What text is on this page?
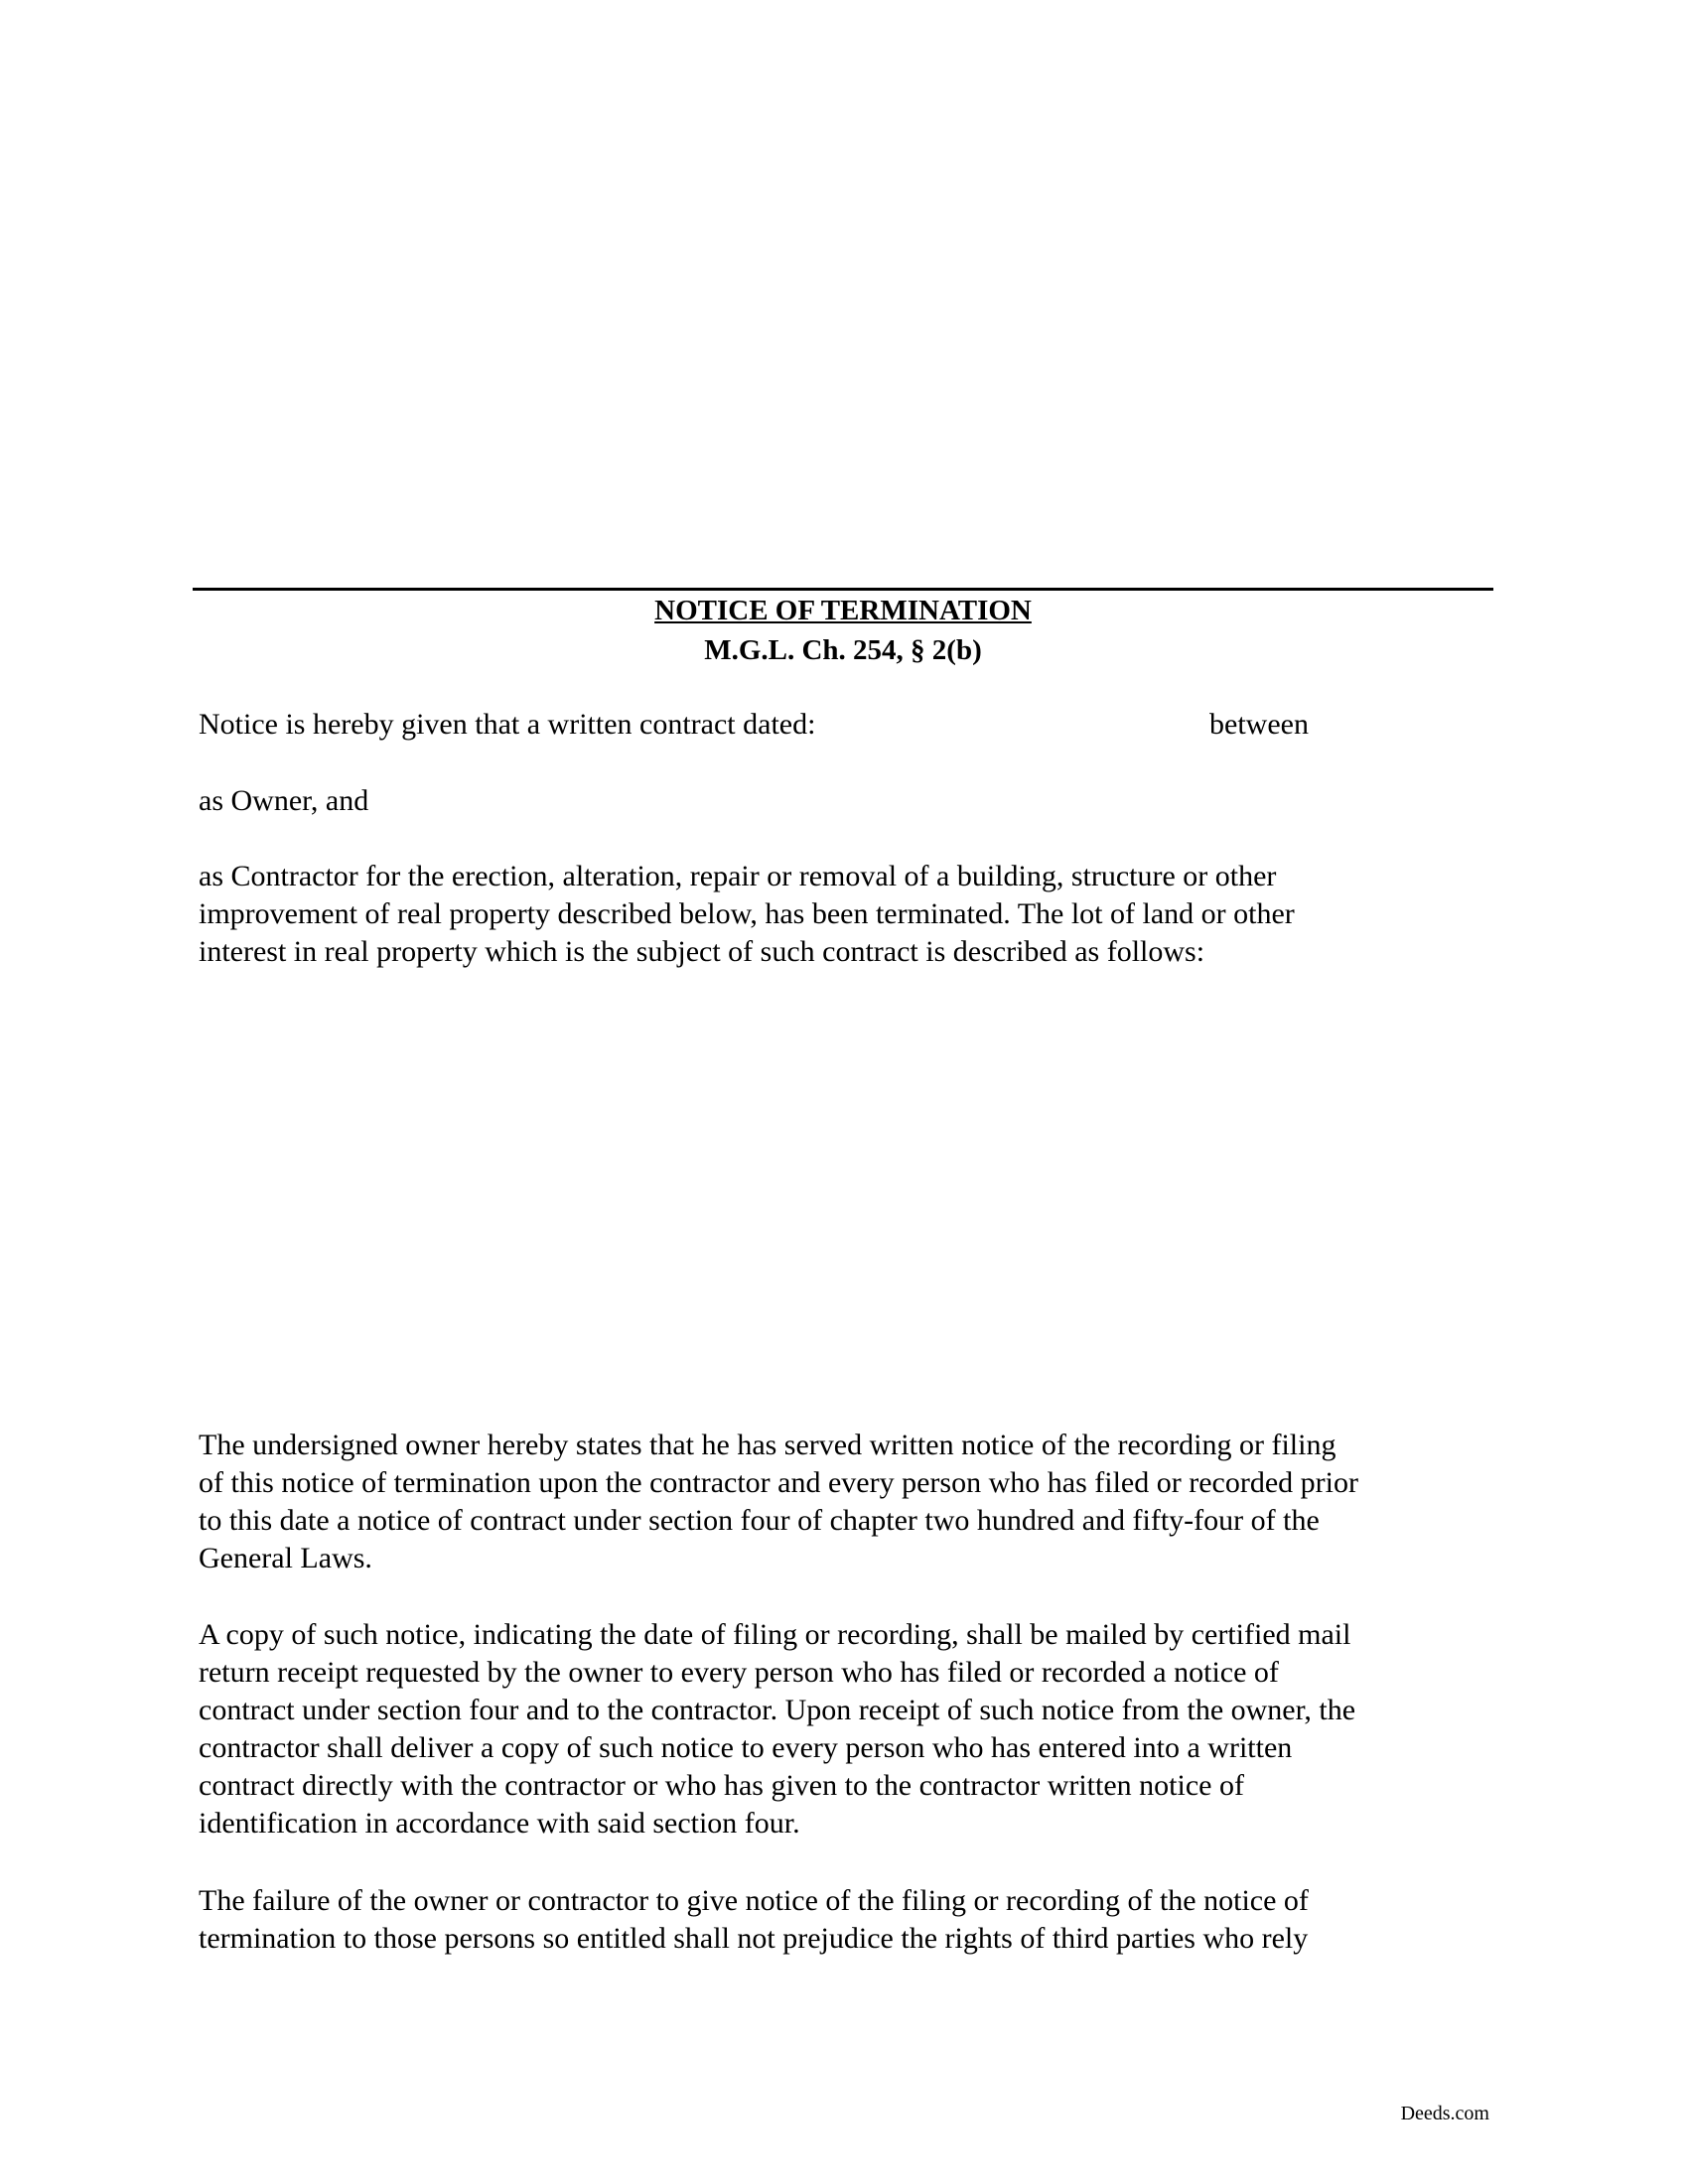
NOTICE OF TERMINATION

M.G.L. Ch. 254, § 2(b)

Notice is hereby given that a written contract dated:	between

as Owner, and

as Contractor for the erection, alteration, repair or removal of a building, structure or other
improvement of real property described below, has been terminated. The lot of land or other
interest in real property which is the subject of such contract is described as follows:
The undersigned owner hereby states that he has served written notice of the recording or filing
of this notice of termination upon the contractor and every person who has filed or recorded prior
to this date a notice of contract under section four of chapter two hundred and fifty-four of the
General Laws.
A copy of such notice, indicating the date of filing or recording, shall be mailed by certified mail
return receipt requested by the owner to every person who has filed or recorded a notice of
contract under section four and to the contractor. Upon receipt of such notice from the owner, the
contractor shall deliver a copy of such notice to every person who has entered into a written
contract directly with the contractor or who has given to the contractor written notice of
identification in accordance with said section four.
The failure of the owner or contractor to give notice of the filing or recording of the notice of
termination to those persons so entitled shall not prejudice the rights of third parties who rely

Deeds.com
